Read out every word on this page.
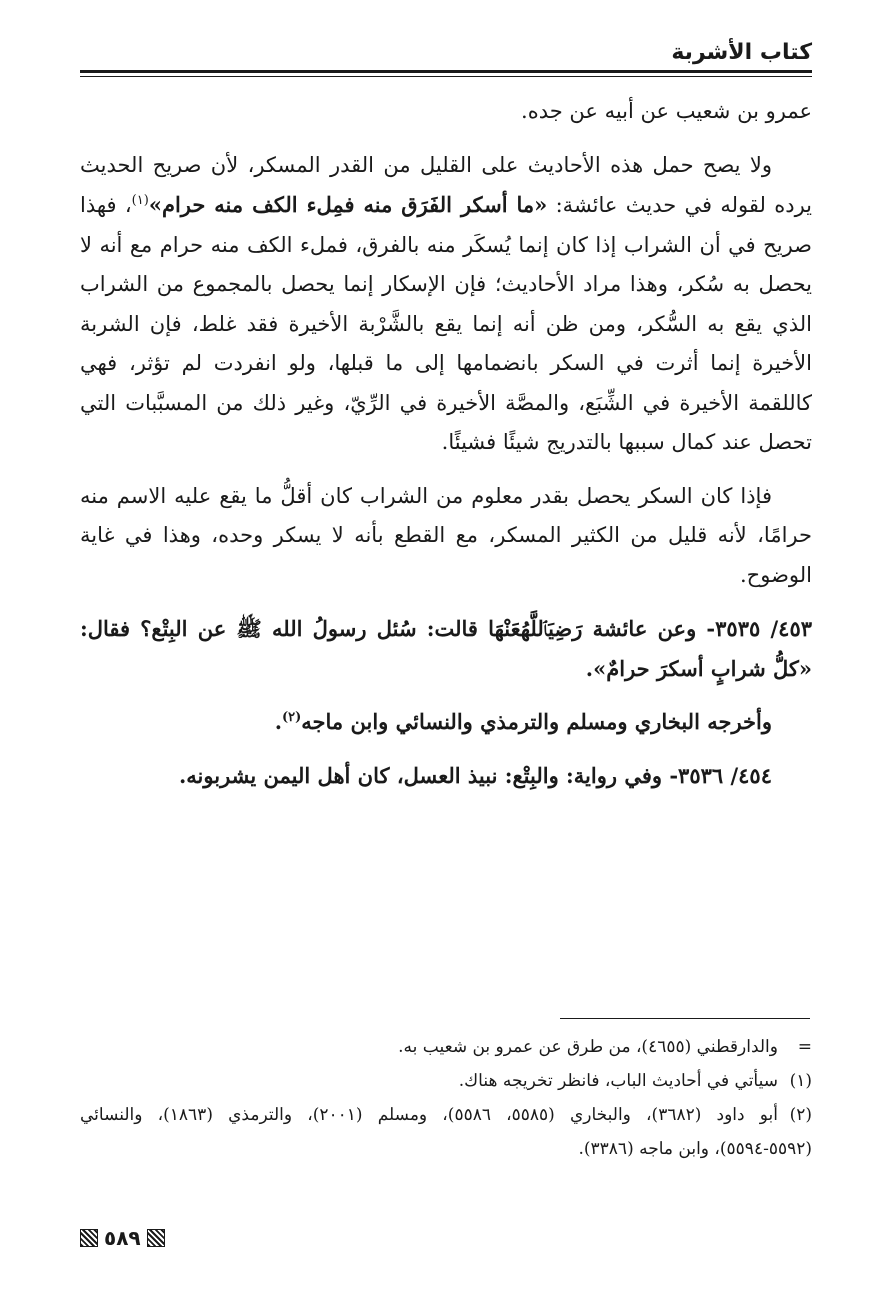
كتاب الأشربة

عمرو بن شعيب عن أبيه عن جده.

ولا يصح حمل هذه الأحاديث على القليل من القدر المسكر، لأن صريح الحديث يرده لقوله في حديث عائشة: «ما أسكر الفَرَق منه فمِلء الكف منه حرام»$^{(١)}$، فهذا صريح في أن الشراب إذا كان إنما يُسكَر منه بالفرق، فملء الكف منه حرام مع أنه لا يحصل به سُكر، وهذا مراد الأحاديث؛ فإن الإسكار إنما يحصل بالمجموع من الشراب الذي يقع به السُّكر، ومن ظن أنه إنما يقع بالشَّرْبة الأخيرة فقد غلط، فإن الشربة الأخيرة إنما أثرت في السكر بانضمامها إلى ما قبلها، ولو انفردت لم تؤثر، فهي كاللقمة الأخيرة في الشِّبَع، والمصَّة الأخيرة في الرِّيّ، وغير ذلك من المسبَّبات التي تحصل عند كمال سببها بالتدريج شيئًا فشيئًا.

فإذا كان السكر يحصل بقدر معلوم من الشراب كان أقلُّ ما يقع عليه الاسم منه حرامًا، لأنه قليل من الكثير المسكر، مع القطع بأنه لا يسكر وحده، وهذا في غاية الوضوح.

٤٥٣/ ٣٥٣٥- وعن عائشة رَضِيَٱللَّهُعَنْهَا قالت: سُئل رسولُ الله ﷺ عن البِتْع؟ فقال: «كلُّ شرابٍ أسكرَ حرامٌ».

وأخرجه البخاري ومسلم والترمذي والنسائي وابن ماجه$^{(٢)}$.

٤٥٤/ ٣٥٣٦- وفي رواية: والبِتْع: نبيذ العسل، كان أهل اليمن يشربونه.

=والدارقطني (٤٦٥٥)، من طرق عن عمرو بن شعيب به.

(١)سيأتي في أحاديث الباب، فانظر تخريجه هناك.

(٢)أبو داود (٣٦٨٢)، والبخاري (٥٥٨٥، ٥٥٨٦)، ومسلم (٢٠٠١)، والترمذي (١٨٦٣)، والنسائي (٥٥٩٢-٥٥٩٤)، وابن ماجه (٣٣٨٦).

٥٨٩
